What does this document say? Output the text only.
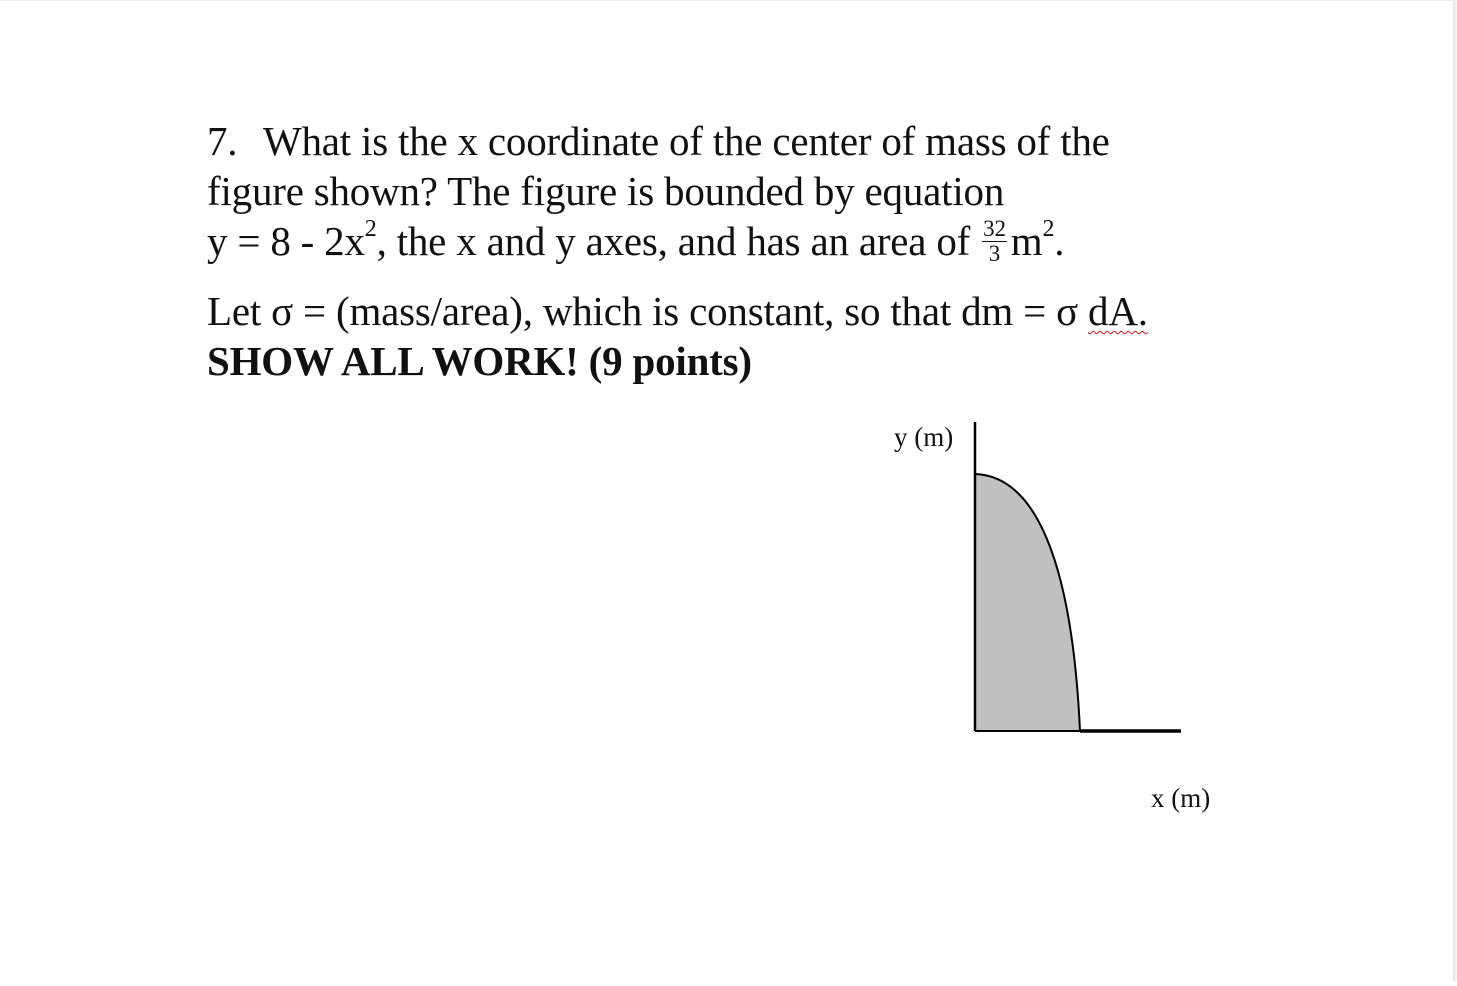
7. What is the x coordinate of the center of mass of the
figure shown? The figure is bounded by equation
$y = 8 - 2x^2$, the x and y axes, and has an area of $\frac{32}{3} m^2$.
Let σ = (mass/area), which is constant, so that dm = σ dA.
SHOW ALL WORK! (9 points)
y (m)
x (m)
